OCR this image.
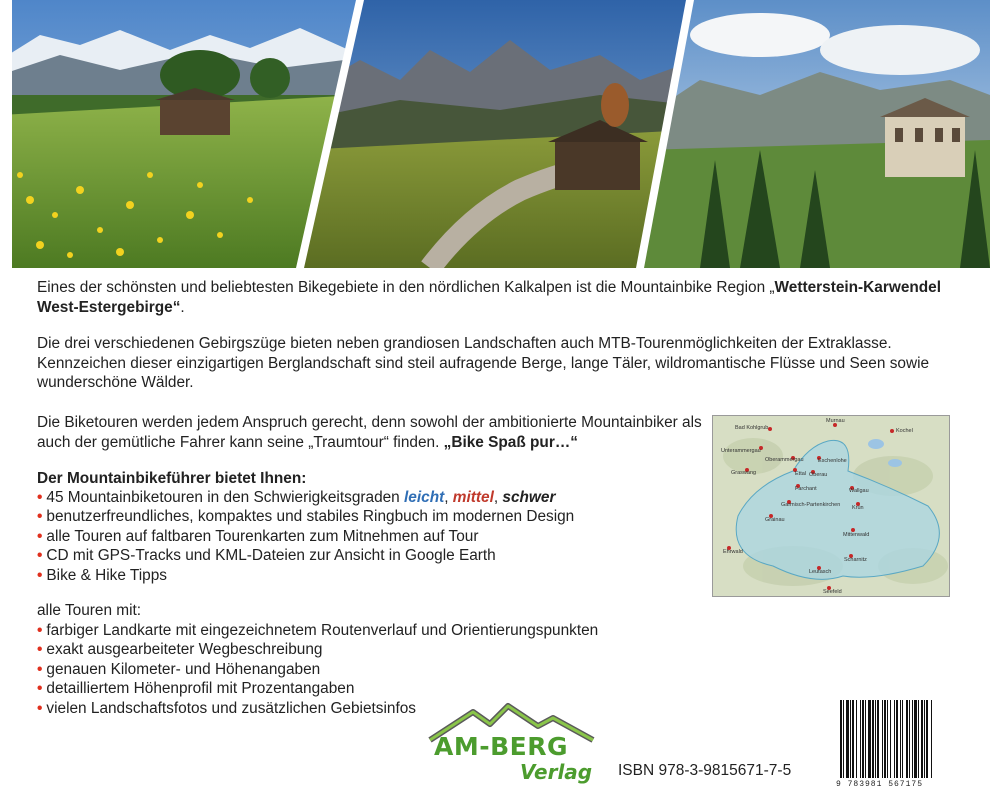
Eines der schönsten und beliebtesten Bikegebiete in den nördlichen Kalkalpen ist die Mountainbike Region „Wetterstein-Karwendel West-Estergebirge“.

Die drei verschiedenen Gebirgszüge bieten neben grandiosen Landschaften auch MTB-Tourenmöglichkeiten der Extraklasse. Kennzeichen dieser einzigartigen Berglandschaft sind steil aufragende Berge, lange Täler, wildromantische Flüsse und Seen sowie wunderschöne Wälder.

Die Biketouren werden jedem Anspruch gerecht, denn sowohl der ambitionierte Mountainbiker als auch der gemütliche Fahrer kann seine „Traumtour“ finden. „Bike Spaß pur…“

Der Mountainbikeführer bietet Ihnen:
• 45 Mountainbiketouren in den Schwierigkeitsgraden leicht, mittel, schwer
• benutzerfreundliches, kompaktes und stabiles Ringbuch im modernen Design
• alle Touren auf faltbaren Tourenkarten zum Mitnehmen auf Tour
• CD mit GPS-Tracks und KML-Dateien zur Ansicht in Google Earth
• Bike & Hike Tipps
alle Touren mit:
• farbiger Landkarte mit eingezeichnetem Routenverlauf und Orientierungspunkten
• exakt ausgearbeiteter Wegbeschreibung
• genauen Kilometer- und Höhenangaben
• detailliertem Höhenprofil mit Prozentangaben
• vielen Landschaftsfotos und zusätzlichen Gebietsinfos
Bad Kohlgrub
Murnau
Kochel
Unterammergau
Oberammergau	Eschenlohe
Graswang	Ettal Oberau
Farchant	Wallgau
Garmisch-Partenkirchen Krün
Grainau
Mittenwald
Ehrwald
Scharnitz
Leutasch
Seefeld
AM-BERG
Verlag ISBN 978-3-9815671-7-5
9 783981 567175
